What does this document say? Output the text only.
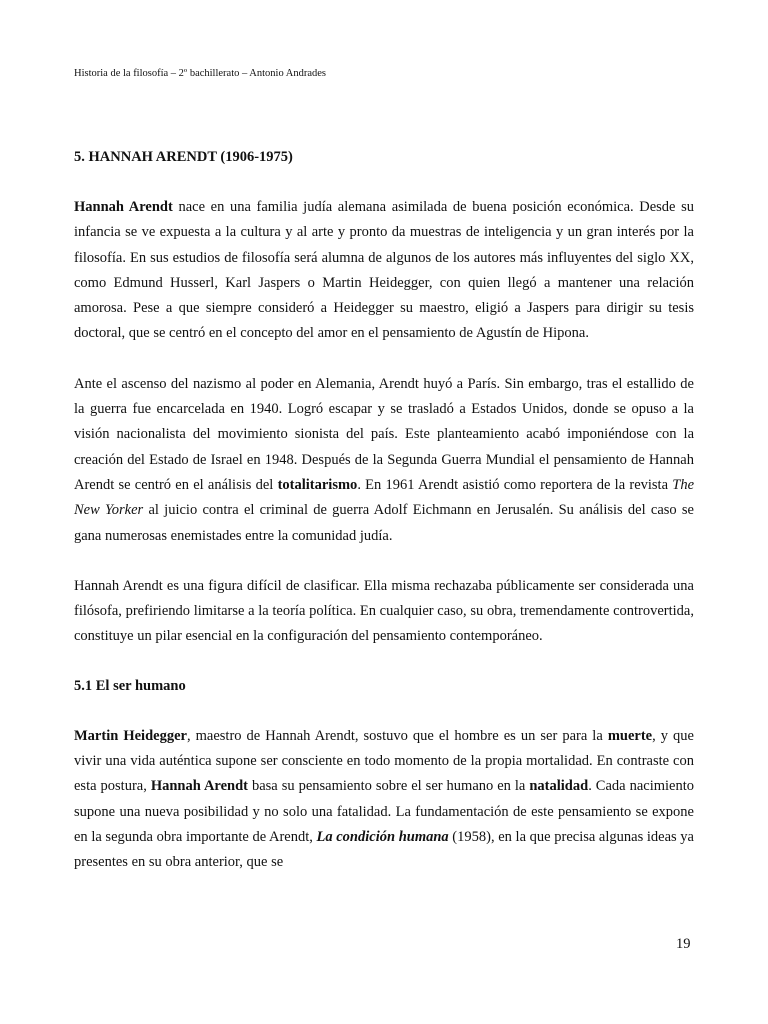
Historia de la filosofía – 2º bachillerato – Antonio Andrades
5. HANNAH ARENDT (1906-1975)

Hannah Arendt nace en una familia judía alemana asimilada de buena posición económica. Desde su infancia se ve expuesta a la cultura y al arte y pronto da muestras de inteligencia y un gran interés por la filosofía. En sus estudios de filosofía será alumna de algunos de los autores más influyentes del siglo XX, como Edmund Husserl, Karl Jaspers o Martin Heidegger, con quien llegó a mantener una relación amorosa. Pese a que siempre consideró a Heidegger su maestro, eligió a Jaspers para dirigir su tesis doctoral, que se centró en el concepto del amor en el pensamiento de Agustín de Hipona.

Ante el ascenso del nazismo al poder en Alemania, Arendt huyó a París. Sin embargo, tras el estallido de la guerra fue encarcelada en 1940. Logró escapar y se trasladó a Estados Unidos, donde se opuso a la visión nacionalista del movimiento sionista del país. Este planteamiento acabó imponiéndose con la creación del Estado de Israel en 1948. Después de la Segunda Guerra Mundial el pensamiento de Hannah Arendt se centró en el análisis del totalitarismo. En 1961 Arendt asistió como reportera de la revista The New Yorker al juicio contra el criminal de guerra Adolf Eichmann en Jerusalén. Su análisis del caso se gana numerosas enemistades entre la comunidad judía.

Hannah Arendt es una figura difícil de clasificar. Ella misma rechazaba públicamente ser considerada una filósofa, prefiriendo limitarse a la teoría política. En cualquier caso, su obra, tremendamente controvertida, constituye un pilar esencial en la configuración del pensamiento contemporáneo.

5.1 El ser humano

Martin Heidegger, maestro de Hannah Arendt, sostuvo que el hombre es un ser para la muerte, y que vivir una vida auténtica supone ser consciente en todo momento de la propia mortalidad. En contraste con esta postura, Hannah Arendt basa su pensamiento sobre el ser humano en la natalidad. Cada nacimiento supone una nueva posibilidad y no solo una fatalidad. La fundamentación de este pensamiento se expone en la segunda obra importante de Arendt, La condición humana (1958), en la que precisa algunas ideas ya presentes en su obra anterior, que se

19
